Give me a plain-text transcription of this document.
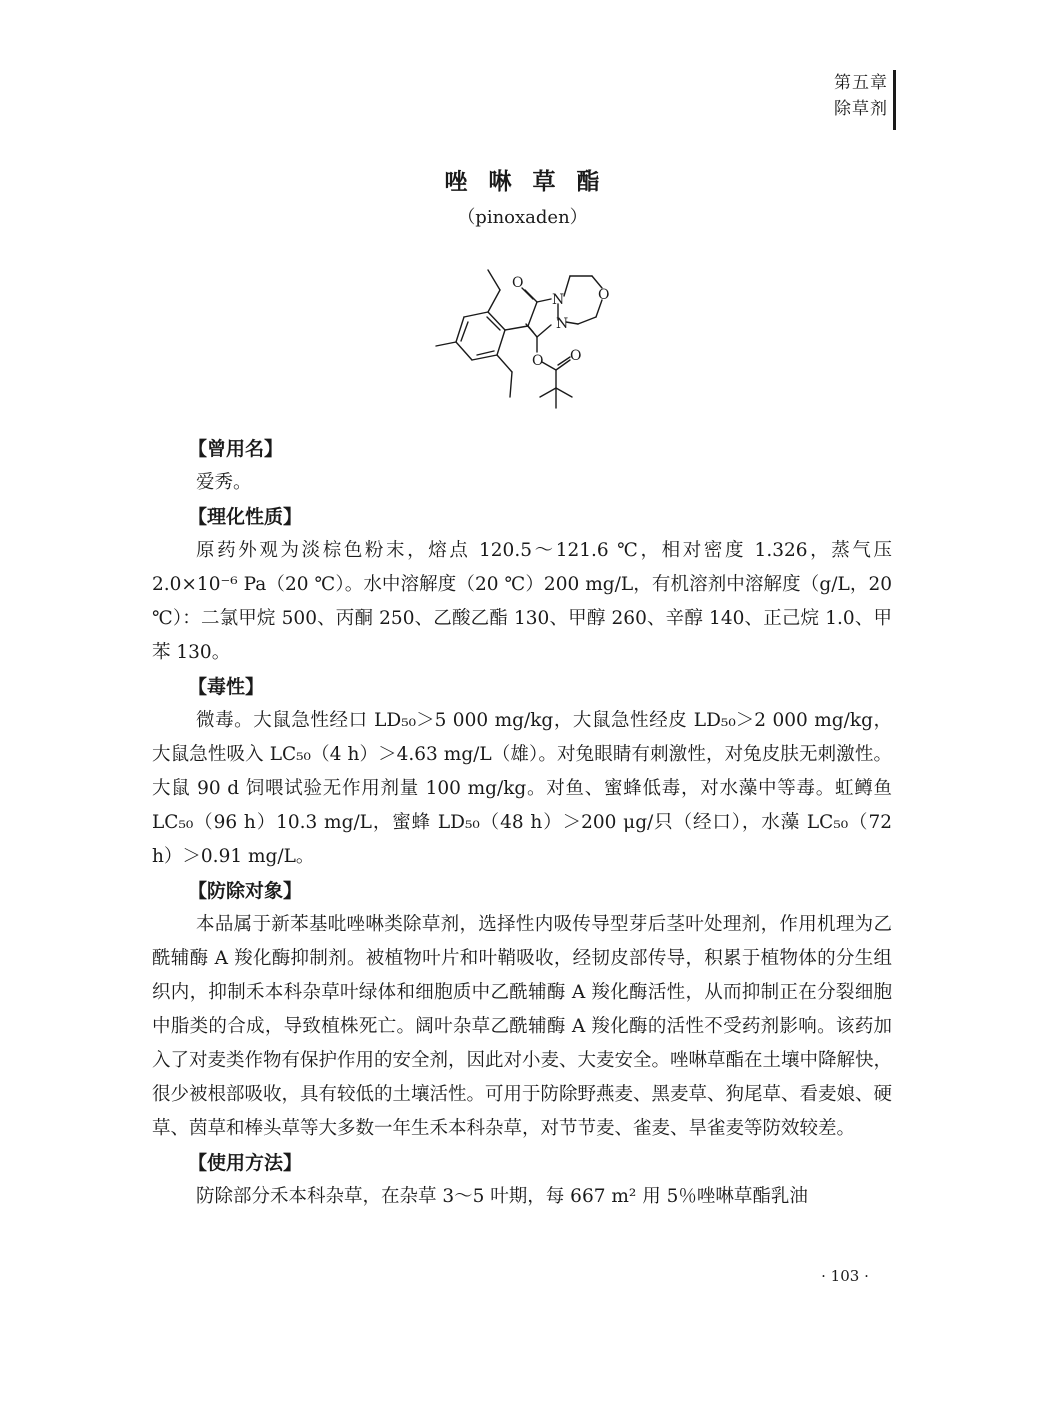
第五章
除草剂
唑啉草酯
（pinoxaden）
O
N O
N
O O
【曾用名】

爱秀。

【理化性质】

原药外观为淡棕色粉末，熔点 120.5～121.6 ℃，相对密度 1.326，蒸气压 2.0×10⁻⁶ Pa（20 ℃）。水中溶解度（20 ℃）200 mg/L，有机溶剂中溶解度（g/L，20 ℃）：二氯甲烷 500、丙酮 250、乙酸乙酯 130、甲醇 260、辛醇 140、正己烷 1.0、甲苯 130。

【毒性】

微毒。大鼠急性经口 LD₅₀＞5 000 mg/kg，大鼠急性经皮 LD₅₀＞2 000 mg/kg，大鼠急性吸入 LC₅₀（4 h）＞4.63 mg/L（雄）。对兔眼睛有刺激性，对兔皮肤无刺激性。大鼠 90 d 饲喂试验无作用剂量 100 mg/kg。对鱼、蜜蜂低毒，对水藻中等毒。虹鳟鱼 LC₅₀（96 h）10.3 mg/L，蜜蜂 LD₅₀（48 h）＞200 μg/只（经口），水藻 LC₅₀（72 h）＞0.91 mg/L。

【防除对象】

本品属于新苯基吡唑啉类除草剂，选择性内吸传导型芽后茎叶处理剂，作用机理为乙酰辅酶 A 羧化酶抑制剂。被植物叶片和叶鞘吸收，经韧皮部传导，积累于植物体的分生组织内，抑制禾本科杂草叶绿体和细胞质中乙酰辅酶 A 羧化酶活性，从而抑制正在分裂细胞中脂类的合成，导致植株死亡。阔叶杂草乙酰辅酶 A 羧化酶的活性不受药剂影响。该药加入了对麦类作物有保护作用的安全剂，因此对小麦、大麦安全。唑啉草酯在土壤中降解快，很少被根部吸收，具有较低的土壤活性。可用于防除野燕麦、黑麦草、狗尾草、看麦娘、硬草、茵草和棒头草等大多数一年生禾本科杂草，对节节麦、雀麦、旱雀麦等防效较差。

【使用方法】

防除部分禾本科杂草，在杂草 3～5 叶期，每 667 m² 用 5％唑啉草酯乳油

· 103 ·
